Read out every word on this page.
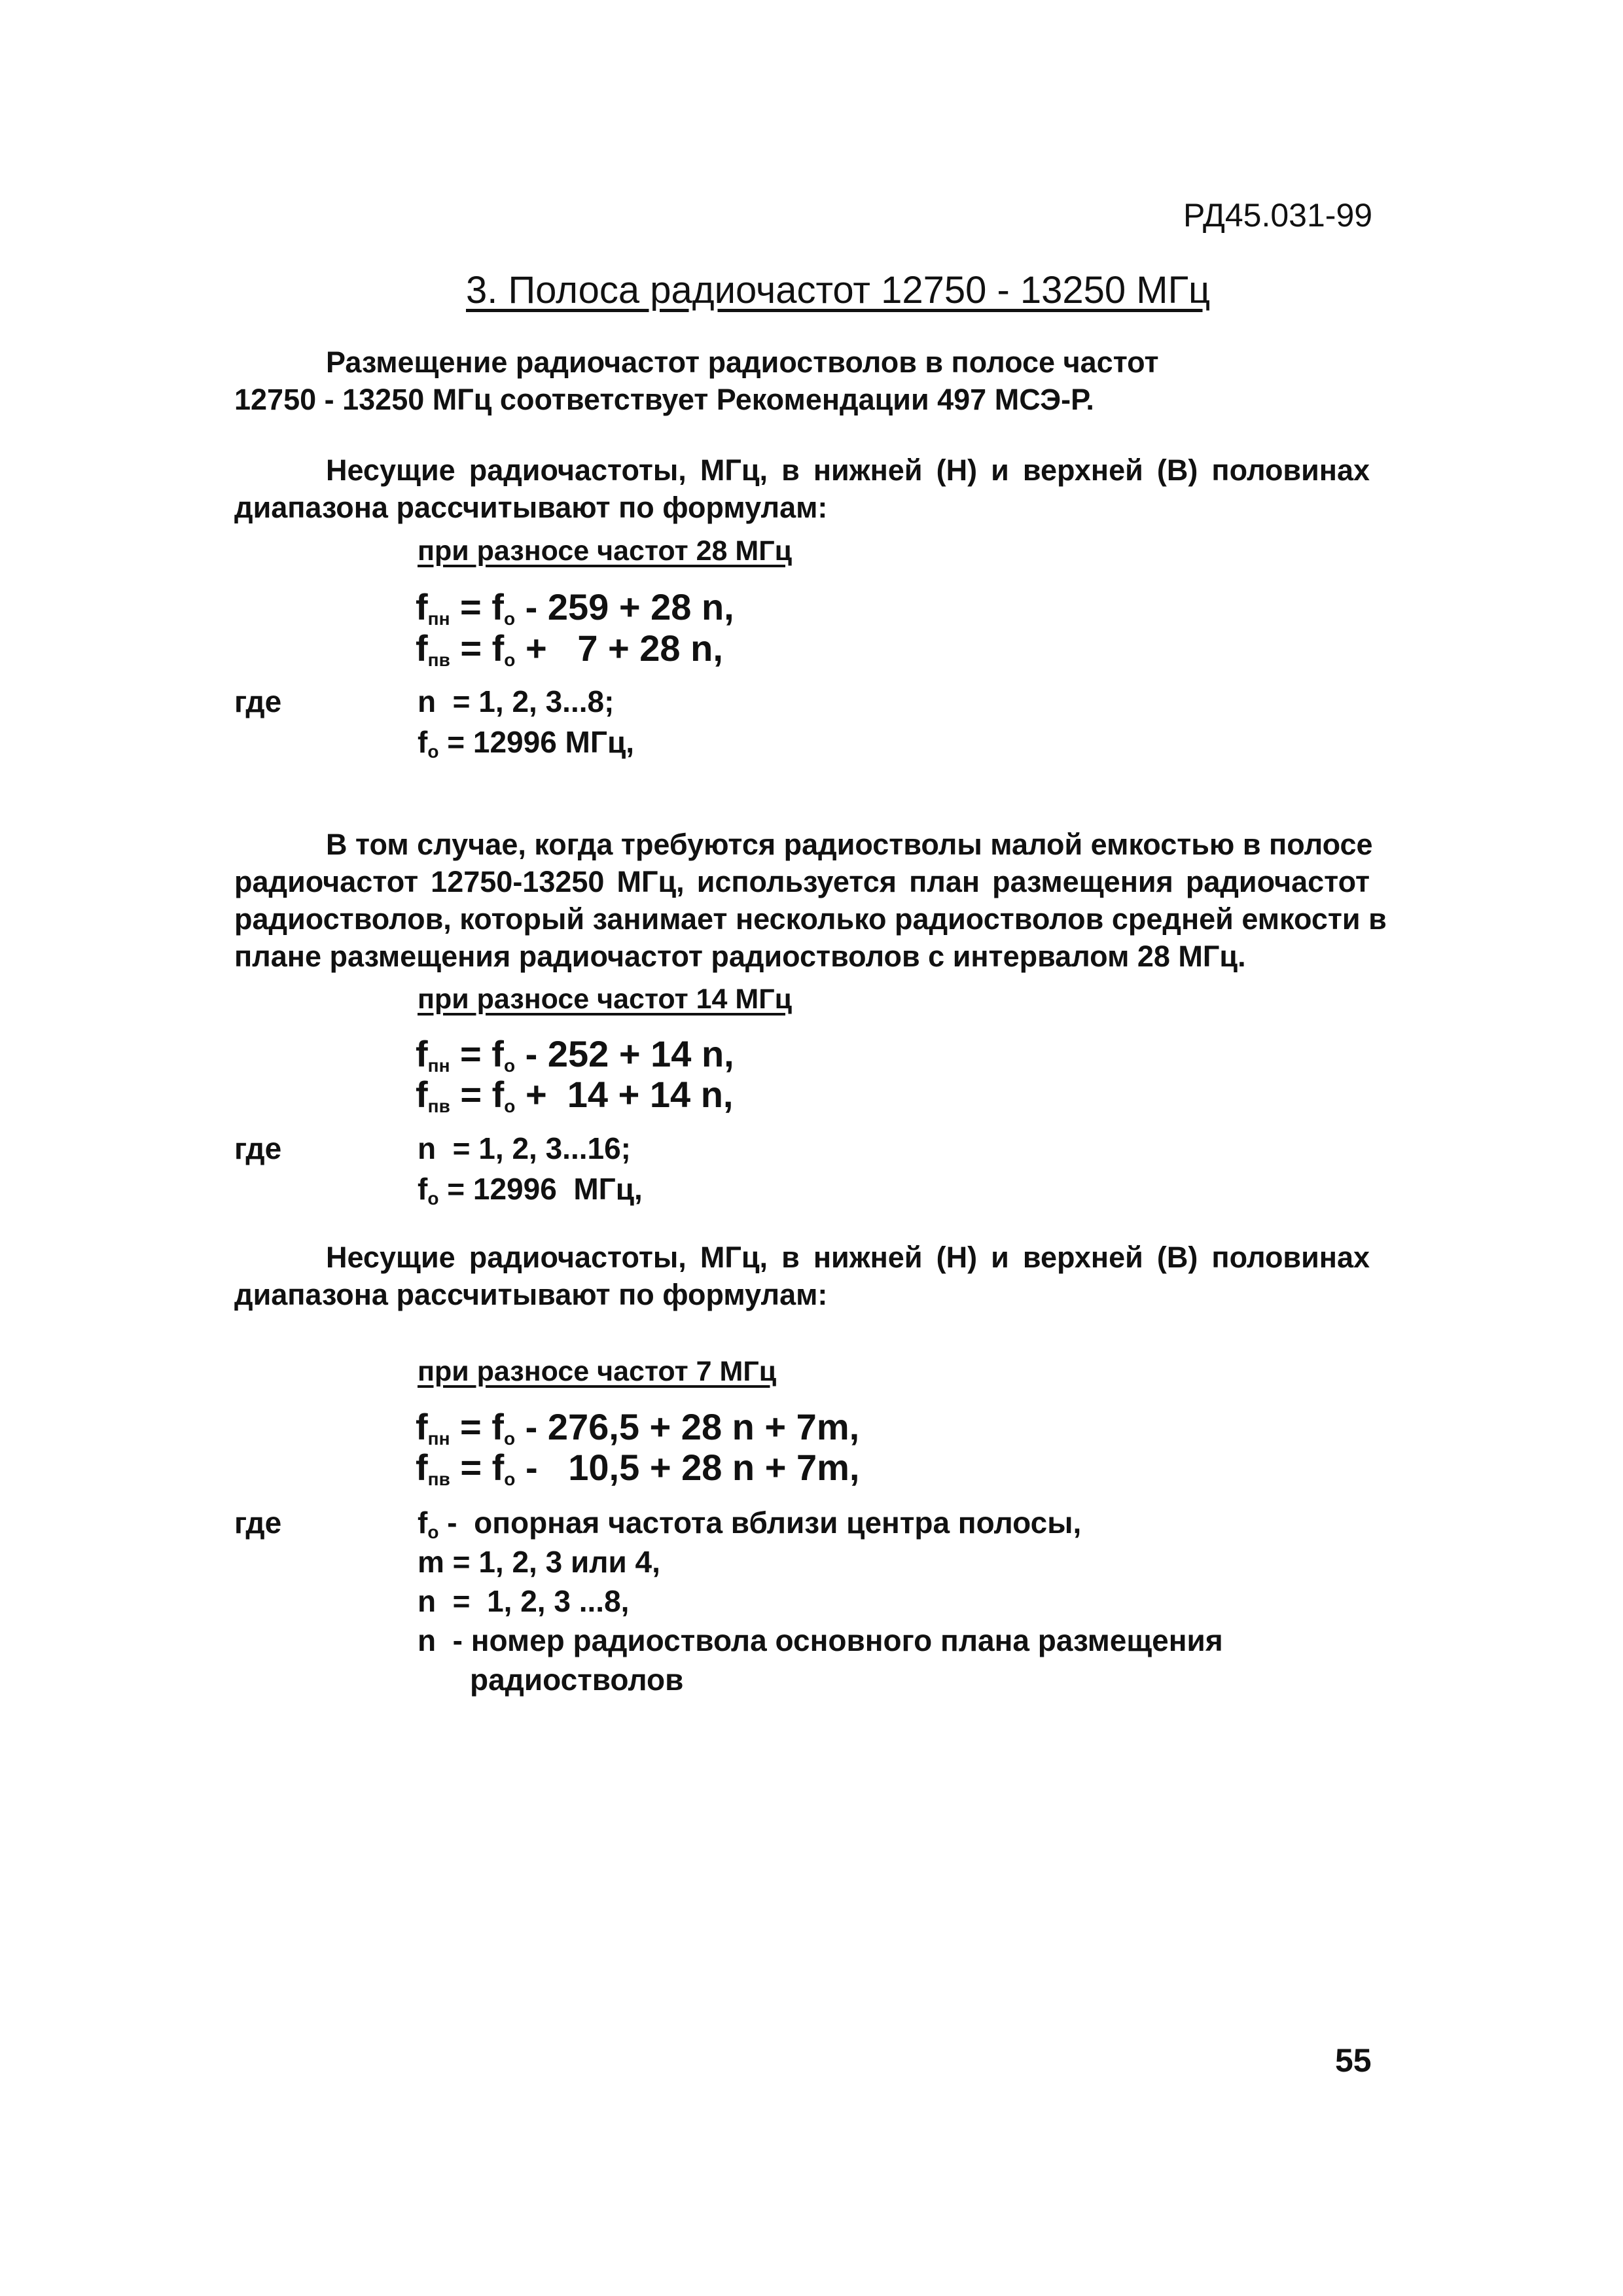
РД45.031-99
3. Полоса радиочастот 12750 - 13250 МГц
Размещение радиочастот радиостволов в полосе частот
12750 - 13250 МГц соответствует Рекомендации 497 МСЭ-Р.
Несущие радиочастоты, МГц, в нижней (Н) и верхней (В) половинах
диапазона рассчитывают по формулам:
при разносе частот 28 МГц
$f_{пн} = f_o - 259 + 28$ n,
$f_{пв} = f_o + 7 + 28$ n,
где	n  = 1, 2, 3...8;
$f_o = 12996$ МГц,
В том случае, когда требуются радиостволы малой емкостью в полосе
радиочастот 12750-13250 МГц, используется план размещения радиочастот
радиостволов, который занимает несколько радиостволов средней емкости в
плане размещения радиочастот радиостволов с интервалом 28 МГц.
при разносе частот 14 МГц
$f_{пн} = f_o - 252 + 14$ n,
$f_{пв} = f_o + 14 + 14$ n,
где	n  = 1, 2, 3...16;
$f_o = 12996$  МГц,
Несущие радиочастоты, МГц, в нижней (Н) и верхней (В) половинах
диапазона рассчитывают по формулам:
при разносе частот 7 МГц
$f_{пн} = f_o - 276,5 + 28$ n + 7m,
$f_{пв} = f_o - 10,5 + 28$ n + 7m,
где	$f_o$ -  опорная частота вблизи центра полосы,
m = 1, 2, 3 или 4,
n  =  1, 2, 3 ...8,
n  - номер радиоствола основного плана размещения
радиостволов
55
